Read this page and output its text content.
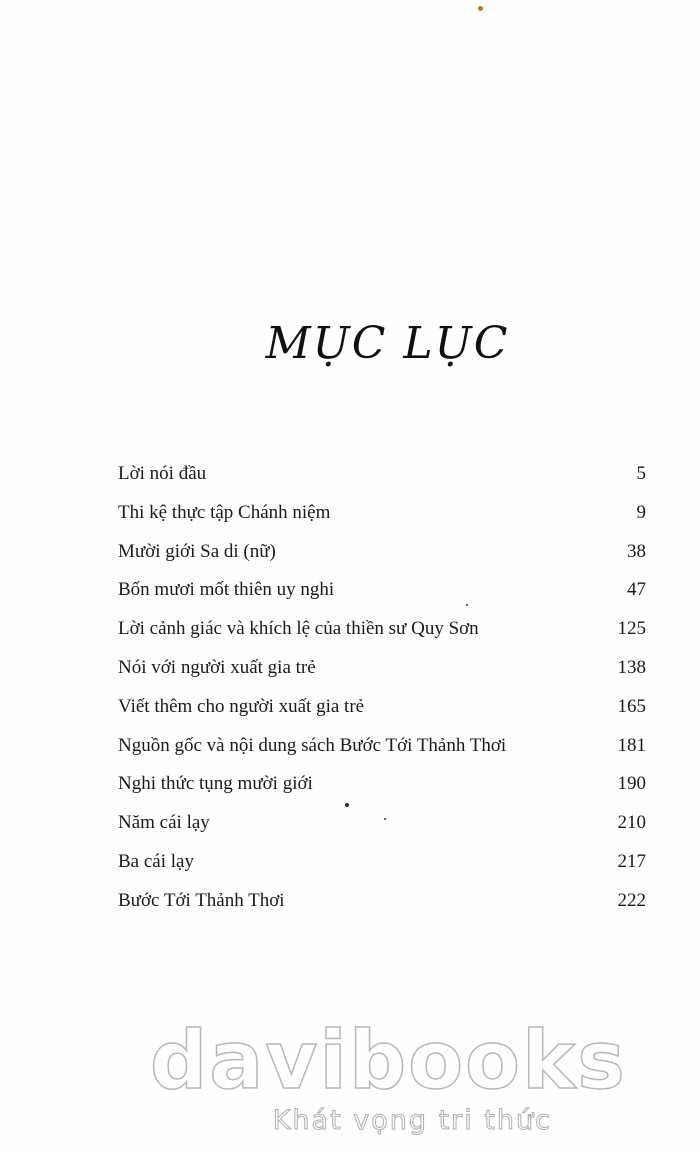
MỤC LỤC
Lời nói đầu	5
Thi kệ thực tập Chánh niệm	9
Mười giới Sa di (nữ)	38
Bốn mươi mốt thiên uy nghi	47
Lời cảnh giác và khích lệ của thiền sư Quy Sơn	125
Nói với người xuất gia trẻ	138
Viết thêm cho người xuất gia trẻ	165
Nguồn gốc và nội dung sách Bước Tới Thảnh Thơi	181
Nghi thức tụng mười giới	190
Năm cái lạy	210
Ba cái lạy	217
Bước Tới Thảnh Thơi	222
davibooks
Khát vọng tri thức
